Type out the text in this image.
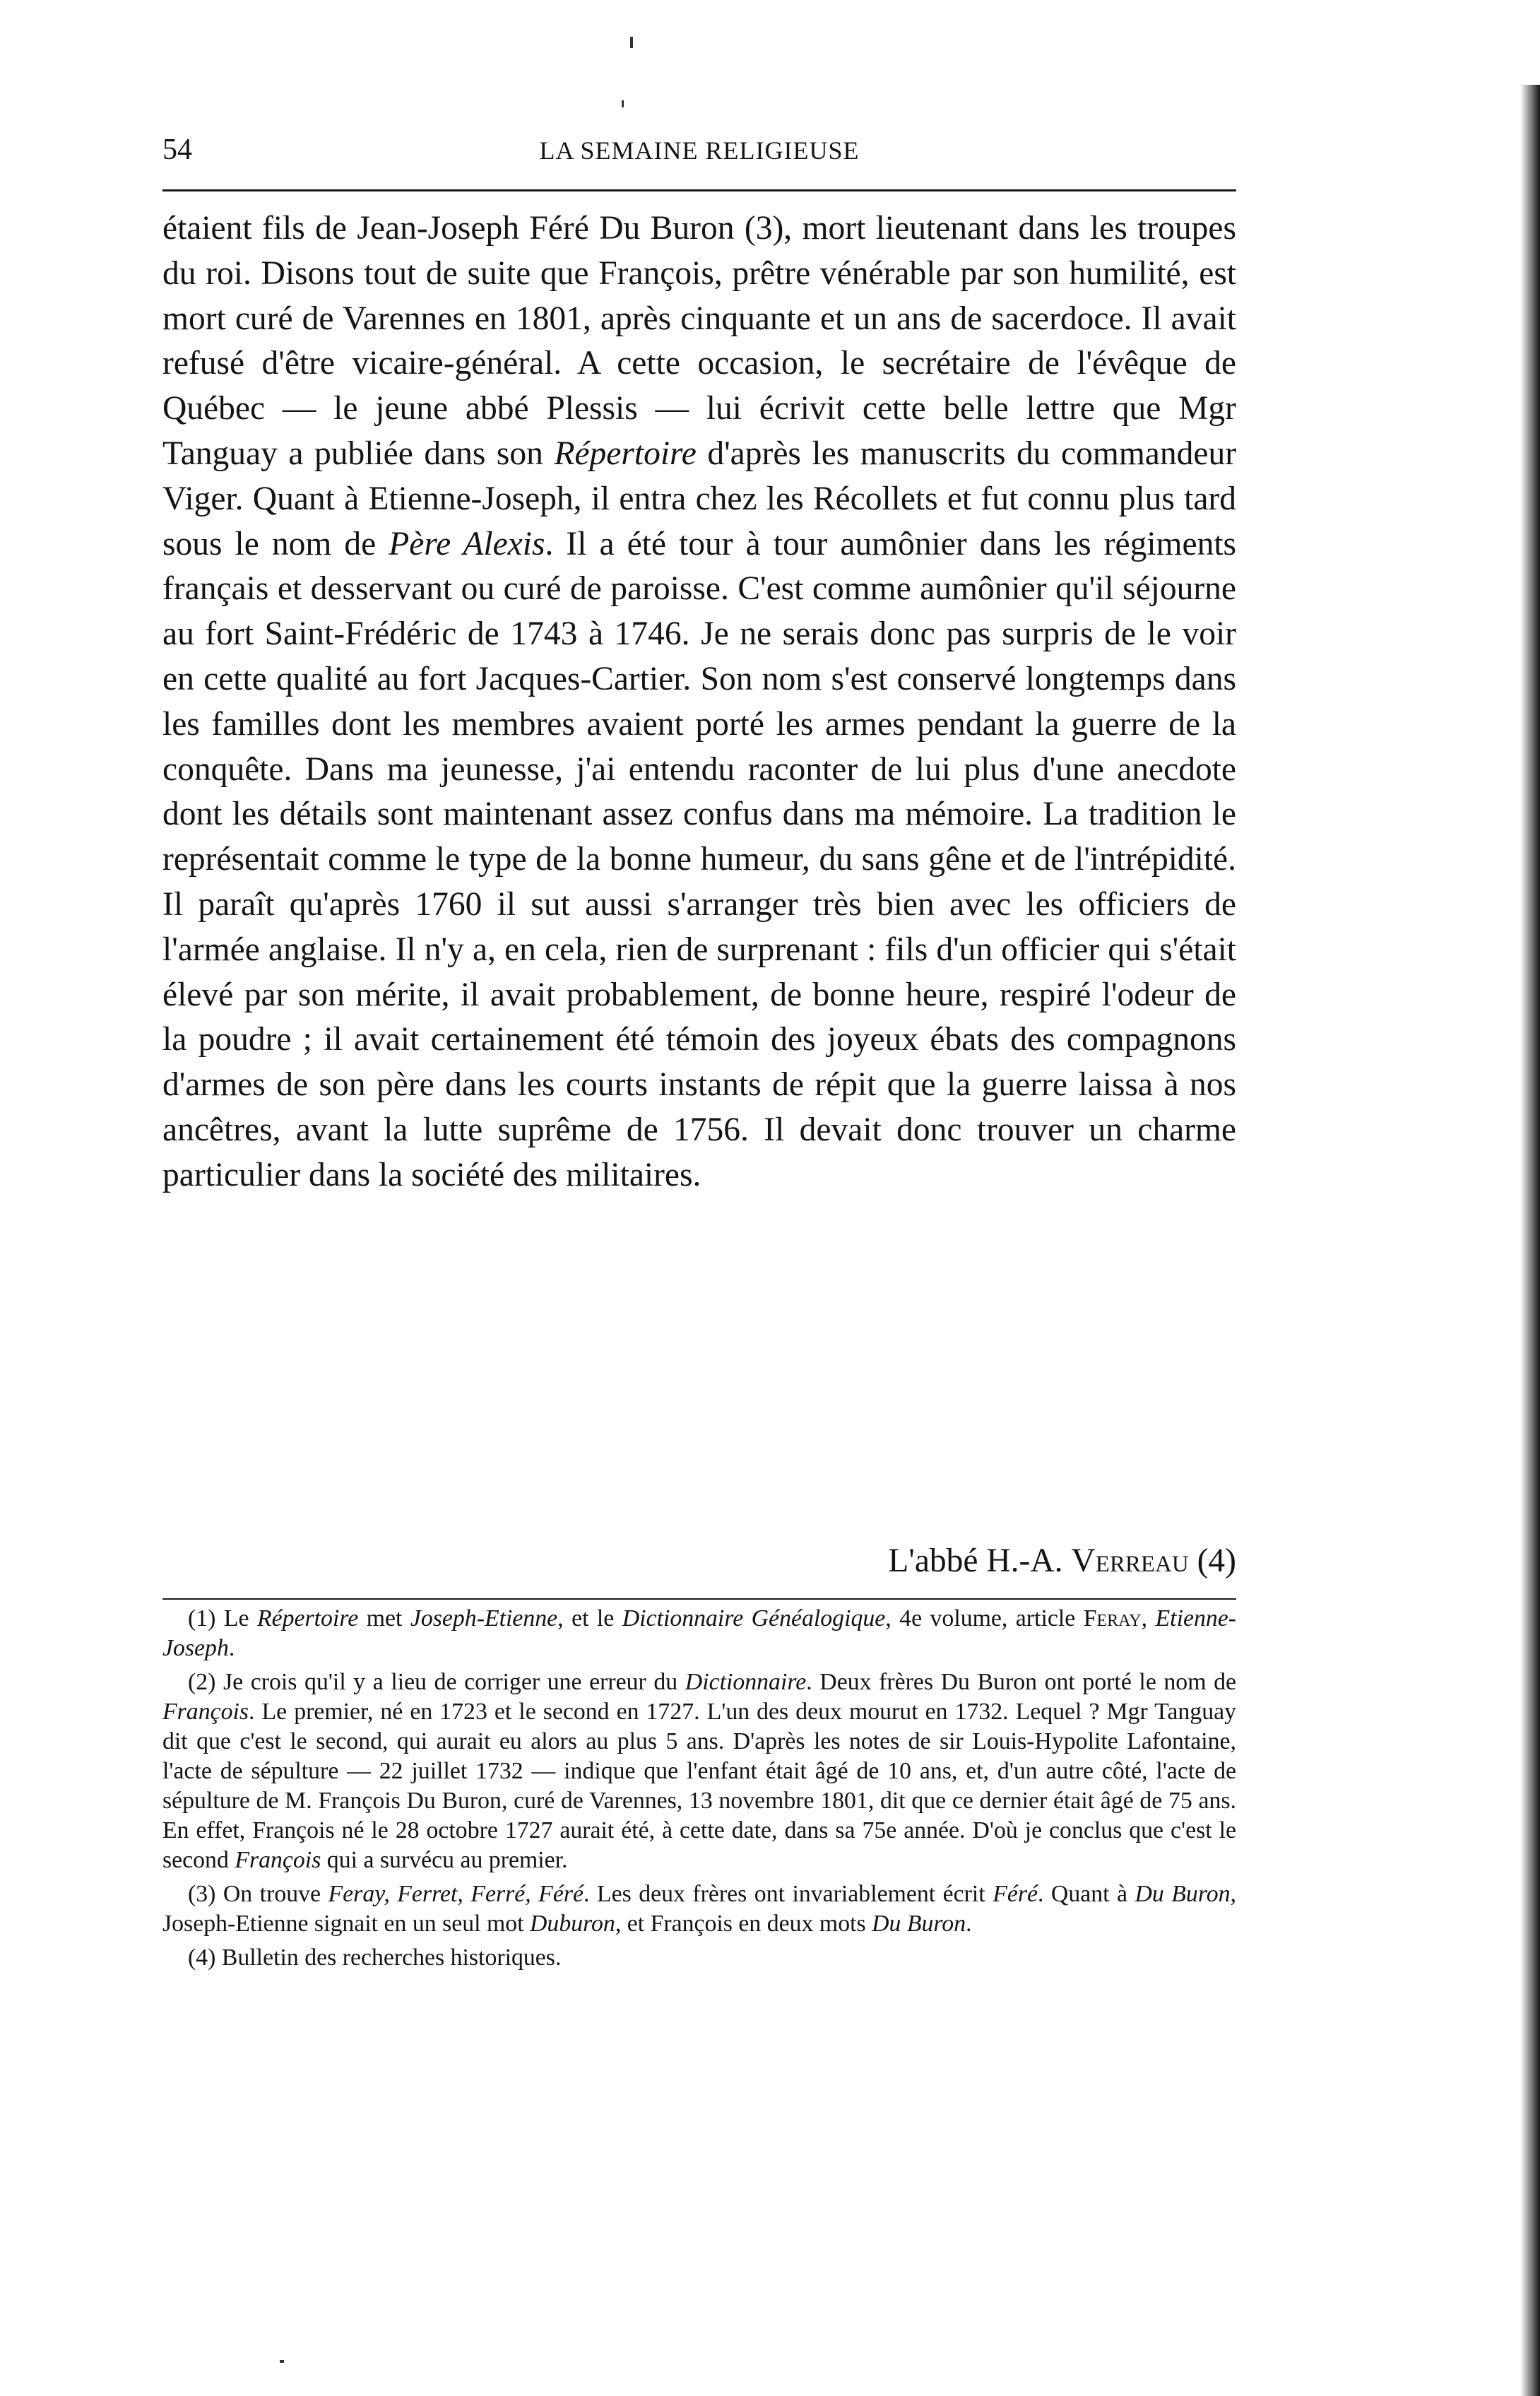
54	LA SEMAINE RELIGIEUSE

étaient fils de Jean-Joseph Féré Du Buron (3), mort lieutenant dans les troupes du roi. Disons tout de suite que François, prêtre vénérable par son humilité, est mort curé de Varennes en 1801, après cinquante et un ans de sacerdoce. Il avait refusé d'être vicaire-général. A cette occasion, le secrétaire de l'évêque de Québec — le jeune abbé Plessis — lui écrivit cette belle lettre que Mgr Tanguay a publiée dans son Répertoire d'après les manuscrits du commandeur Viger. Quant à Etienne-Joseph, il entra chez les Récollets et fut connu plus tard sous le nom de Père Alexis. Il a été tour à tour aumônier dans les régiments français et desservant ou curé de paroisse. C'est comme aumônier qu'il séjourne au fort Saint-Frédéric de 1743 à 1746. Je ne serais donc pas surpris de le voir en cette qualité au fort Jacques-Cartier. Son nom s'est conservé longtemps dans les familles dont les membres avaient porté les armes pendant la guerre de la conquête. Dans ma jeunesse, j'ai entendu raconter de lui plus d'une anecdote dont les détails sont maintenant assez confus dans ma mémoire. La tradition le représentait comme le type de la bonne humeur, du sans gêne et de l'intrépidité. Il paraît qu'après 1760 il sut aussi s'arranger très bien avec les officiers de l'armée anglaise. Il n'y a, en cela, rien de surprenant : fils d'un officier qui s'était élevé par son mérite, il avait probablement, de bonne heure, respiré l'odeur de la poudre ; il avait certainement été témoin des joyeux ébats des compagnons d'armes de son père dans les courts instants de répit que la guerre laissa à nos ancêtres, avant la lutte suprême de 1756. Il devait donc trouver un charme particulier dans la société des militaires.

L'abbé H.-A. Verreau (4)

(1) Le Répertoire met Joseph-Etienne, et le Dictionnaire Généalogique, 4e volume, article Feray, Etienne-Joseph.

(2) Je crois qu'il y a lieu de corriger une erreur du Dictionnaire. Deux frères Du Buron ont porté le nom de François. Le premier, né en 1723 et le second en 1727. L'un des deux mourut en 1732. Lequel ? Mgr Tanguay dit que c'est le second, qui aurait eu alors au plus 5 ans. D'après les notes de sir Louis-Hypolite Lafontaine, l'acte de sépulture — 22 juillet 1732 — indique que l'enfant était âgé de 10 ans, et, d'un autre côté, l'acte de sépulture de M. François Du Buron, curé de Varennes, 13 novembre 1801, dit que ce dernier était âgé de 75 ans. En effet, François né le 28 octobre 1727 aurait été, à cette date, dans sa 75e année. D'où je conclus que c'est le second François qui a survécu au premier.

(3) On trouve Feray, Ferret, Ferré, Féré. Les deux frères ont invariablement écrit Féré. Quant à Du Buron, Joseph-Etienne signait en un seul mot Duburon, et François en deux mots Du Buron.

(4) Bulletin des recherches historiques.
